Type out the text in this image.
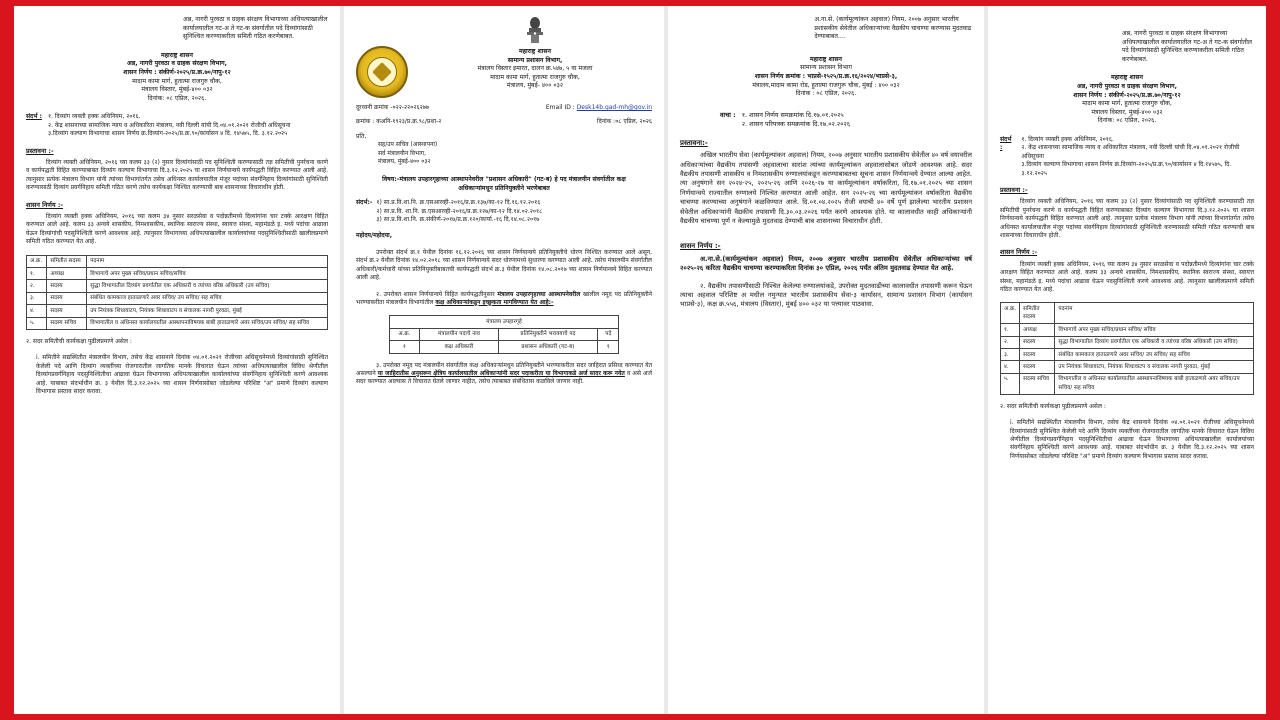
अन्न, नागरी पुरवठा व ग्राहक संरक्षण विभागाच्या अधिपत्याखालील कार्यालयातील गट-अ ते गट-क संवर्गातील पदे दिव्यांगांसाठी सुनिश्चित करण्याकरीता समिती गठित करणेबाबत.
महाराष्ट्र शासन
अन्न, नागरी पुरवठा व ग्राहक संरक्षण विभाग,
शासन निर्णय : संकीर्ण-२०२५/प्र.क्र.७०/नापु-१२
मादाम कामा मार्ग, हुतात्मा राजगुरु चौक,
मंत्रालय विस्तार, मुंबई-४०० ०३२
दिनांक: ०८ एप्रिल, २०२६.
संदर्भ : १. दिव्यांग व्यक्ती हक्क अधिनियम, २०१६.
२. केंद्र शासनाच्या सामाजिक न्याय व अधिकारिता मंत्रालय, नवी दिल्ली यांची दि.०४.०१.२०२१ रोजीची अधिसूचना
३.दिव्यांग कल्याण विभागाचा शासन निर्णय क्र.दिव्यांग-२०२५/प्र.क्र.९०/कार्यासन ४ दि. १४५७५, दि. ३.१२.२०२५
प्रस्तावना :-

दिव्यांग व्यक्ती अधिनियम, २०१६ च्या कलम ३३ (२) नुसार दिव्यांगांसाठी पद सुनिश्चिती करण्यासाठी तज्ञ समितीची पुनर्रचना करणे व कार्यपद्धती विहित करण्याबाबत दिव्यांग कल्याण विभागाचा दि.३.१२.२०२५ चा शासन निर्णयान्वये कार्यपद्धती विहित करण्यात आली आहे. त्यानुसार प्रत्येक मंत्रालय विभाग यांनी त्यांच्या विभागांतर्गत तसेच अधिनस्त कार्यालयातील मंजूर पदांच्या संवर्गनिहाय दिव्यांगांसाठी सुनिश्चिती करण्यासाठी दिव्यांग प्रवर्गनिहाय समिती गठित करणे तसेच कार्यकक्षा निश्चित करण्याची बाब शासनाच्या विचाराधीन होती.

शासन निर्णय :-

दिव्यांग व्यक्ती हक्क अधिनियम, २०१६ च्या कलम ३४ नुसार सरळसेवा व पदोन्नतीमध्ये दिव्यांगांना चार टक्के आरक्षण विहित करण्यात आले आहे. कलम ३३ अन्वये शासकीय, निमशासकीय, स्थानिक स्वराज्य संस्था, स्वायत्त संस्था, महामंडळे इ. मध्ये पदांचा आढावा घेऊन दिव्यांगांची पदसुनिश्चिती करणे आवश्यक आहे. त्यानुसार विभागाच्या अधिपत्याखालील कार्यालयांच्या पदसुनिश्चितीसाठी खालीलप्रमाणे समिती गठित करण्यात येत आहे.

अ.क्र.	समितीत सदस्य	पदनाम
१.	अध्यक्ष	विभागाचे अपर मुख्य सचिव/प्रधान सचिव/सचिव
२.	सदस्य	सुद्धा विभागातील दिव्यांग प्रवर्गातील एक अधिकारी व त्यांच्या वरिष्ठ अधिकारी (उप सचिव)
३.	सदस्य	संबंधित कामकाज हाताळणारे अवर सचिव/ उप सचिव/ सह सचिव
४.	सदस्य	उप नियंत्रक शिधावाटप, नियंत्रक शिधावाटप व संचालक नागरी पुरवठा, मुंबई
५.	सदस्य सचिव	विभागातील व अधिनस्त कार्यालयातील आस्थापनाविषयक बाबी हाताळणारे अवर सचिव/उप सचिव/ सह सचिव

२. सदर समितीची कार्यकक्षा पुढीलप्रमाणे असेल :

i. समितीने सद्यस्थितीत मंत्रालयीन विभाग, तसेच केंद्र शासनाने दिनांक ०४.०१.२०२१ रोजीच्या अधिसूचनेमध्ये दिव्यांगांसाठी सुनिश्चित केलेली पदे आणि दिव्यांग व्यक्तींच्या रोजगारातील जागतिक मानके विचारात घेऊन त्यांच्या अधिपत्याखालील विविध श्रेणीतील दिव्यांगप्रवर्गनिहाय पदसुनिश्चितीचा आढावा घेऊन विभागाच्या अधिपत्याखालील कार्यालयांच्या संवर्गनिहाय सुनिश्चिती करणे आवश्यक आहे. याबाबत संदर्भाधीन क्र. ३ येथील दि.३.१२.२०२५ च्या शासन निर्णयासोबत जोडलेल्या परिशिष्ट "अ" प्रमाणे दिव्यांग कल्याण विभागास प्रस्ताव सादर करावा.

महाराष्ट्र शासन
सामान्य प्रशासन विभाग,
मंत्रालय विस्तार इमारत, दालन क्र.५४७, ५ वा मजला
मादाम कामा मार्ग, हुतात्मा राजगुरु चौक,
मंत्रालय, मुंबई- ४०० ०३२
दूरध्वनी क्रमांक -०२२-२२०२६२७७	Email ID : Desk14b.gad-mh@gov.in
क्रमांक : कअनि-१९२३/प्र.क्र.९८/प्रशा-२	दिनांक :०८ एप्रिल, २०२६
प्रति,
सह/उप सचिव (आस्थापना)
सर्व मंत्रालयीन विभाग,
मंत्रालय, मुंबई-४०० ०३२
विषय:-मंत्रालय उपहारगृहाच्या आस्थापनेवरील "प्रशासन अधिकारी" (गट-ब) हे पद मंत्रालयीन संवर्गातील कक्ष अधिकाऱ्यांमधून प्रतिनियुक्तीने भरणेबाबत
संदर्भ:- १) सा.प्र.वि.शा.नि. क्र.एसआरव्ही-२०१६/प्र.क्र.१३७/का-१२ दि.१६.१२.२०१६
२) सा.प्र.वि. शा.नि. क्र.एसआरव्ही-२०१६/प्र.क्र.१२७/का-१२ दि.१४.०२.२०१८
३) सा.प्र.वि.शा.नि. क्र.संकीर्ण-२०१७/प्र.क्र.१२०/कार्या.-१६ दि.१४.०८.२०१७

महोदय/महोदया,

उपरोक्त संदर्भ क्र.१ येथील दिनांक १६.१२.२०१६ च्या शासन निर्णयान्वये प्रतिनियुक्तीचे धोरण निश्चित करण्यात आले असून, संदर्भ क्र.२ येथील दिनांक १४.०२.२०१८ च्या शासन निर्णयान्वये सदर धोरणामध्ये सुधारणा करण्यात आली आहे. तसेच मंत्रालयीन संवर्गातील अधिकारी/कर्मचारी यांच्या प्रतिनियुक्तीबाबतची कार्यपद्धती संदर्भ क्र.३ येथील दिनांक १४.०८.२०१७ च्या शासन निर्णयान्वये विहित करण्यात आली आहे.

२. उपरोक्त शासन निर्णयान्वये विहित कार्यपद्धतीनुसार मंत्रालय उपहारगृहाच्या आस्थापनेवरील खालील नमूद पद प्रतिनियुक्तीने भरण्याकरीता मंत्रालयीन विभागांतील कक्ष अधिकाऱ्यांकडून इच्छुकता मागविण्यात येत आहे:-

मंत्रालय उपहारगृहे			
अ.क्र.	मंत्रालयीन पदाचे नाव	प्रतिनियुक्तीने भरावयाचे पद	पदे
१	कक्ष अधिकारी	प्रशासन अधिकारी (गट-ब)	१

३. उपरोक्त नमूद पद मंत्रालयीन संवर्गातील कक्ष अधिकाऱ्यांमधून प्रतिनियुक्तीने भरण्याकरीता सदर जाहिरात प्रसिध्द करण्यात येत असल्याने या जाहिरातीस अनुसरून क्षेत्रिय कार्यालयातील अधिकाऱ्यांनी सदर पदाकरीता या विभागाकडे अर्ज सादर करू नयेत व असे अर्ज सदर करण्यात आल्यास ते विचारात घेतले जाणार नाहीत, तसेच त्याबाबत संबंधितास कळविले जाणार नाही.

अ.ना.से. (कार्यमूल्यांकन अहवाल) नियम, २००७ अनुसार भारतीय प्रशासकीय सेवेतील अधिकाऱ्यांच्या वैद्यकीय चाचण्या करण्यास मुदतवाढ देण्याबाबत....
महाराष्ट्र शासन
सामान्य प्रशासन विभाग
शासन निर्णय क्रमांक : भाप्रसे-१५२५/प्र.क्र.१६/२०२४/भाप्रसे-३,
मंत्रालय,मादाम कामा रोड, हुतात्मा राजगुरू चौक, मुंबई : ४०० ०३२
दिनांक : ०८ एप्रिल, २०२६.
वाचा : १. शासन निर्णय समक्रमांक दि.१७.०१.२०२५
२. शासन परिपत्रक समक्रमांक दि.१७.०२.२०२६
प्रस्तावना:-

अखिल भारतीय सेवा (कार्यमूल्यांकन अहवाल) नियम, २००७ अनुसार भारतीय प्रशासकीय सेवेतील ४० वर्ष वयावरील अधिकाऱ्यांच्या वैद्यकीय तपासणी अहवालाचा सारांश त्यांच्या कार्यमूल्यांकन अहवालासोबत जोडणे आवश्यक आहे. सदर वैद्यकीय तपासणी शासकीय व निमशासकीय रुग्णालयांकडून करण्याबाबतचा सूचना शासन निर्णयान्वये देण्यात आल्या आहेत. त्या अनुषंगाने सन २०२४-२५, २०२५-२६ आणि २०२६-२७ या कार्यमूल्यांकन वर्षाकरिता, दि.१७.०१.२०२५ च्या शासन निर्णयान्वये राज्यातील रुग्णालये निश्चित करण्यात आली आहेत. सन २०२५-२६ च्या कार्यमूल्यांकन वर्षाकरिता वैद्यकीय चाचण्या करण्याच्या अनुषंगाने कळविण्यात आले. दि.०१.०४.२०२५ रोजी वयाची ४० वर्षे पूर्ण झालेल्या भारतीय प्रशासन सेवेतील अधिकाऱ्यांनी वैद्यकीय तपासणी दि.३०.०३.२०२६ पर्यंत करणे आवश्यक होते. या कालावधीत काही अधिकाऱ्यांनी वैद्यकीय चाचण्या पूर्ण न केल्यामुळे मुदतवाढ देण्याची बाब शासनाच्या विचाराधीन होती.

शासन निर्णय :-

अ.ना.से.(कार्यमूल्यांकन अहवाल) नियम, २००७ अनुसार भारतीय प्रशासकीय सेवेतील अधिकाऱ्यांच्या वर्ष २०२५-२६ करिता वैद्यकीय चाचण्या करण्याकरिता दिनांक ३० एप्रिल, २०२६ पर्यंत अंतिम मुदतवाढ देण्यात येत आहे.

२. वैद्यकीय तपासणीसाठी निश्चित केलेल्या रुग्णालयांकडे, उपरोक्त मुदतवाढीच्या कालावधीत तपासणी करून घेऊन त्याचा अहवाल परिशिष्ट अ मधील नमुन्यात भारतीय प्रशासकीय सेवा-३ कार्यासन, सामान्य प्रशासन विभाग (कार्यासन भाप्रसे-३), कक्ष क्र.५५६, मंत्रालय (विस्तार), मुंबई ४०० ०३२ या पत्त्यावर पाठवावा.

अन्न, नागरी पुरवठा व ग्राहक संरक्षण विभागाच्या अधिपत्याखालील कार्यालयातील गट-अ ते गट-क संवर्गातील पदे दिव्यांगांसाठी सुनिश्चित करण्याकरीता समिती गठित करणेबाबत.
महाराष्ट्र शासन
अन्न, नागरी पुरवठा व ग्राहक संरक्षण विभाग,
शासन निर्णय : संकीर्ण-२०२५/प्र.क्र.७०/नापु-१२
मादाम कामा मार्ग, हुतात्मा राजगुरु चौक,
मंत्रालय विस्तार, मुंबई-४०० ०३२
दिनांक: ०८ एप्रिल, २०२६.
संदर्भ :
१. दिव्यांग व्यक्ती हक्क अधिनियम, २०१६.
२. केंद्र शासनाच्या सामाजिक न्याय व अधिकारिता मंत्रालय, नवी दिल्ली यांची दि.०४.०१.२०२१ रोजीची अधिसूचना
३.दिव्यांग कल्याण विभागाचा शासन निर्णय क्र.दिव्यांग-२०२५/प्र.क्र.९०/कार्यासन ४ दि.१४५७५, दि. ३.१२.२०२५
प्रस्तावना :-

दिव्यांग व्यक्ती अधिनियम, २०१६ च्या कलम ३३ (२) नुसार दिव्यांगांसाठी पद सुनिश्चिती करण्यासाठी तज्ञ समितीची पुनर्रचना करणे व कार्यपद्धती विहित करण्याबाबत दिव्यांग कल्याण विभागाचा दि.३.१२.२०२५ चा शासन निर्णयान्वये कार्यपद्धती विहित करण्यात आली आहे. त्यानुसार प्रत्येक मंत्रालय विभाग यांनी त्यांच्या विभागांतर्गत तसेच अधिनस्त कार्यालयातील मंजूर पदांच्या संवर्गनिहाय दिव्यांगांसाठी सुनिश्चिती करण्यासाठी समिती गठित करण्याची बाब शासनाच्या विचाराधीन होती.

शासन निर्णय :-

दिव्यांग व्यक्ती हक्क अधिनियम, २०१६ च्या कलम ३४ नुसार सरळसेवा व पदोन्नतीमध्ये दिव्यांगांना चार टक्के आरक्षण विहित करण्यात आले आहे. कलम ३३ अन्वये शासकीय, निमशासकीय, स्थानिक स्वराज्य संस्था, स्वायत्त संस्था, महामंडळे इ. मध्ये पदांचा आढावा घेऊन पदसुनिश्चिती करणे आवश्यक आहे. त्यानुसार खालीलप्रमाणे समिती गठित करण्यात येत आहे.

अ.क्र.	समितीत सदस्य	पदनाम
१.	अध्यक्ष	विभागाचे अपर मुख्य सचिव/प्रधान सचिव/ सचिव
२.	सदस्य	सुद्धा विभागातील दिव्यांग प्रवर्गातील एक अधिकारी व त्यांच्या वरिष्ठ अधिकारी (उप सचिव)
३.	सदस्य	संबंधित कामकाज हाताळणारे अवर सचिव/ उप सचिव/ सह सचिव
४.	सदस्य	उप नियंत्रक शिधावाटप, नियंत्रक शिधावाटप व संचालक नागरी पुरवठा, मुंबई
५.	सदस्य सचिव	विभागातील व अधिनस्त कार्यालयातील आस्थापनाविषयक बाबी हाताळणारे अवर सचिव/उप सचिव/ सह सचिव

२. सदर समितीची कार्यकक्षा पुढीलप्रमाणे असेल :

i. समितीने सद्यस्थितीत मंत्रालयीन विभाग, तसेच केंद्र शासनाने दिनांक ०४.०१.२०२१ रोजीच्या अधिसूचनेमध्ये दिव्यांगांसाठी सुनिश्चित केलेली पदे आणि दिव्यांग व्यक्तींच्या रोजगारातील जागतिक मानके विचारात घेऊन विविध श्रेणीतील दिव्यांगप्रवर्गनिहाय पदसुनिश्चितीचा आढावा घेऊन विभागाच्या अधिपत्याखालील कार्यालयांच्या संवर्गनिहाय सुनिश्चिती करणे आवश्यक आहे. याबाबत संदर्भाधीन क्र. ३ येथील दि.३.१२.२०२५ च्या शासन निर्णयासोबत जोडलेल्या परिशिष्ट "अ" प्रमाणे दिव्यांग कल्याण विभागास प्रस्ताव सादर करावा.
